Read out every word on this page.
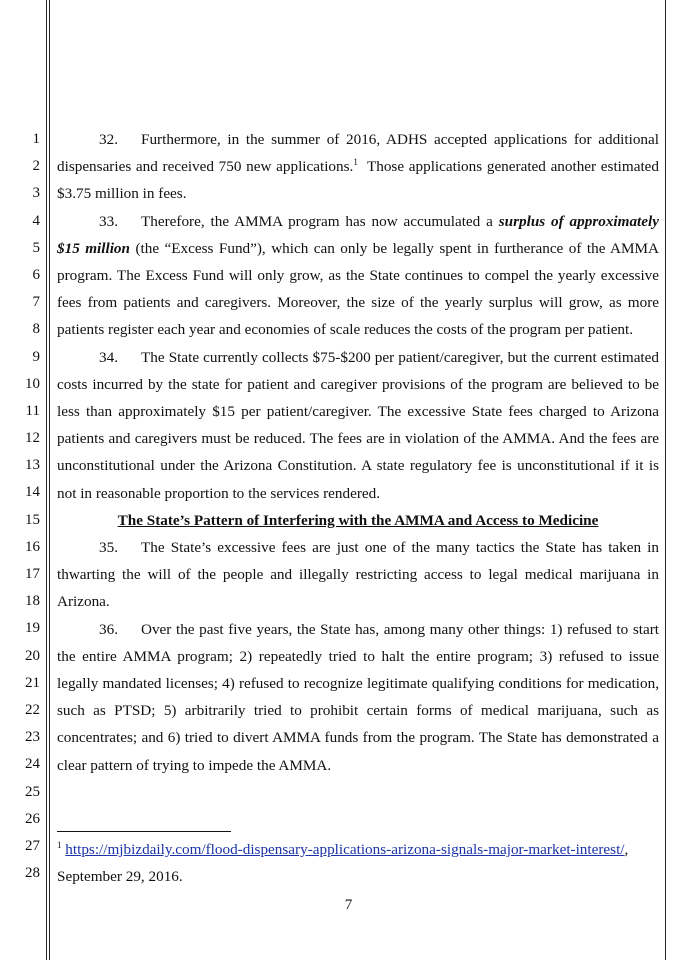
1
2
3
4
5
6
7
8
9
10
11
12
13
14
15
16
17
18
19
20
21
22
23
24
25
26
27
28

32. Furthermore, in the summer of 2016, ADHS accepted applications for additional dispensaries and received 750 new applications.$^1$  Those applications generated another estimated $3.75 million in fees.

33. Therefore, the AMMA program has now accumulated a surplus of approximately $15 million (the “Excess Fund”), which can only be legally spent in furtherance of the AMMA program. The Excess Fund will only grow, as the State continues to compel the yearly excessive fees from patients and caregivers. Moreover, the size of the yearly surplus will grow, as more patients register each year and economies of scale reduces the costs of the program per patient.

34. The State currently collects $75-$200 per patient/caregiver, but the current estimated costs incurred by the state for patient and caregiver provisions of the program are believed to be less than approximately $15 per patient/caregiver. The excessive State fees charged to Arizona patients and caregivers must be reduced. The fees are in violation of the AMMA. And the fees are unconstitutional under the Arizona Constitution. A state regulatory fee is unconstitutional if it is not in reasonable proportion to the services rendered.

The State’s Pattern of Interfering with the AMMA and Access to Medicine

35. The State’s excessive fees are just one of the many tactics the State has taken in thwarting the will of the people and illegally restricting access to legal medical marijuana in Arizona.

36. Over the past five years, the State has, among many other things: 1) refused to start the entire AMMA program; 2) repeatedly tried to halt the entire program; 3) refused to issue legally mandated licenses; 4) refused to recognize legitimate qualifying conditions for medication, such as PTSD; 5) arbitrarily tried to prohibit certain forms of medical marijuana, such as concentrates; and 6) tried to divert AMMA funds from the program. The State has demonstrated a clear pattern of trying to impede the AMMA.

$^1$ https://mjbizdaily.com/flood-dispensary-applications-arizona-signals-major-market-interest/, September 29, 2016.
7
